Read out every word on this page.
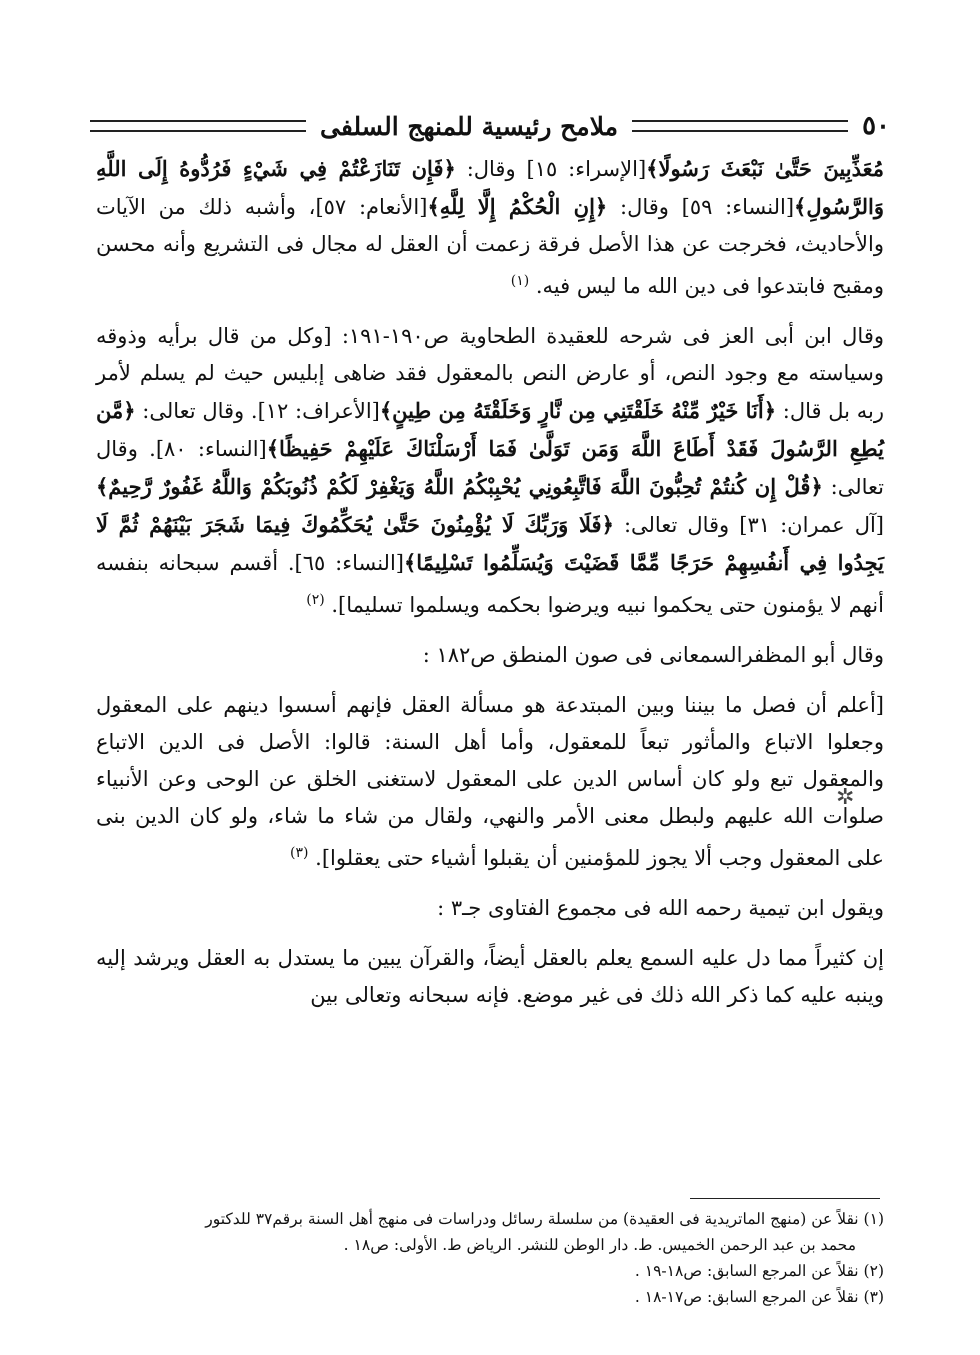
٥٠
ملامح رئيسية للمنهج السلفى

مُعَذِّبِينَ حَتَّىٰ نَبْعَثَ رَسُولًا﴾[الإسراء: ١٥] وقال: ﴿فَإِن تَنَازَعْتُمْ فِي شَيْءٍ فَرُدُّوهُ إِلَى اللَّهِ وَالرَّسُولِ﴾[النساء: ٥٩] وقال: ﴿إِنِ الْحُكْمُ إِلَّا لِلَّهِ﴾[الأنعام: ٥٧]، وأشبه ذلك من الآيات والأحاديث، فخرجت عن هذا الأصل فرقة زعمت أن العقل له مجال فى التشريع وأنه محسن ومقبح فابتدعوا فى دين الله ما ليس فيه. $^{(١)}$

وقال ابن أبى العز فى شرحه للعقيدة الطحاوية ص١٩٠-١٩١: [وكل من قال برأيه وذوقه وسياسته مع وجود النص، أو عارض النص بالمعقول فقد ضاهى إبليس حيث لم يسلم لأمر ربه بل قال: ﴿أَنَا خَيْرٌ مِّنْهُ خَلَقْتَنِي مِن نَّارٍ وَخَلَقْتَهُ مِن طِينٍ﴾[الأعراف: ١٢]. وقال تعالى: ﴿مَّن يُطِعِ الرَّسُولَ فَقَدْ أَطَاعَ اللَّهَ وَمَن تَوَلَّىٰ فَمَا أَرْسَلْنَاكَ عَلَيْهِمْ حَفِيظًا﴾[النساء: ٨٠]. وقال تعالى: ﴿قُلْ إِن كُنتُمْ تُحِبُّونَ اللَّهَ فَاتَّبِعُونِي يُحْبِبْكُمُ اللَّهُ وَيَغْفِرْ لَكُمْ ذُنُوبَكُمْ وَاللَّهُ غَفُورٌ رَّحِيمٌ﴾[آل عمران: ٣١] وقال تعالى: ﴿فَلَا وَرَبِّكَ لَا يُؤْمِنُونَ حَتَّىٰ يُحَكِّمُوكَ فِيمَا شَجَرَ بَيْنَهُمْ ثُمَّ لَا يَجِدُوا فِي أَنفُسِهِمْ حَرَجًا مِّمَّا قَضَيْتَ وَيُسَلِّمُوا تَسْلِيمًا﴾[النساء: ٦٥]. أقسم سبحانه بنفسه أنهم لا يؤمنون حتى يحكموا نبيه ويرضوا بحكمه ويسلموا تسليما]. $^{(٢)}$

وقال أبو المظفرالسمعانى فى صون المنطق ص١٨٢ :

[أعلم أن فصل ما بيننا وبين المبتدعة هو مسألة العقل فإنهم أسسوا دينهم على المعقول وجعلوا الاتباع والمأثور تبعاً للمعقول، وأما أهل السنة: قالوا: الأصل فى الدين الاتباع والمعقول تبع ولو كان أساس الدين على المعقول لاستغنى الخلق عن الوحى وعن الأنبياء صلوات الله عليهم ولبطل معنى الأمر والنهي، ولقال من شاء ما شاء، ولو كان الدين بنى على المعقول وجب ألا يجوز للمؤمنين أن يقبلوا أشياء حتى يعقلوا]. $^{(٣)}$

ويقول ابن تيمية رحمه الله فى مجموع الفتاوى جـ٣ :

إن كثيراً مما دل عليه السمع يعلم بالعقل أيضاً، والقرآن يبين ما يستدل به العقل ويرشد إليه وينبه عليه كما ذكر الله ذلك فى غير موضع. فإنه سبحانه وتعالى بين

✲

(١) نقلاً عن (منهج الماتريدية فى العقيدة) من سلسلة رسائل ودراسات فى منهج أهل السنة برقم٣٧ للدكتور

محمد بن عبد الرحمن الخميس. ط. دار الوطن للنشر. الرياض ط. الأولى: ص١٨ .

(٢) نقلاً عن المرجع السابق: ص١٨-١٩ .

(٣) نقلاً عن المرجع السابق: ص١٧-١٨ .
